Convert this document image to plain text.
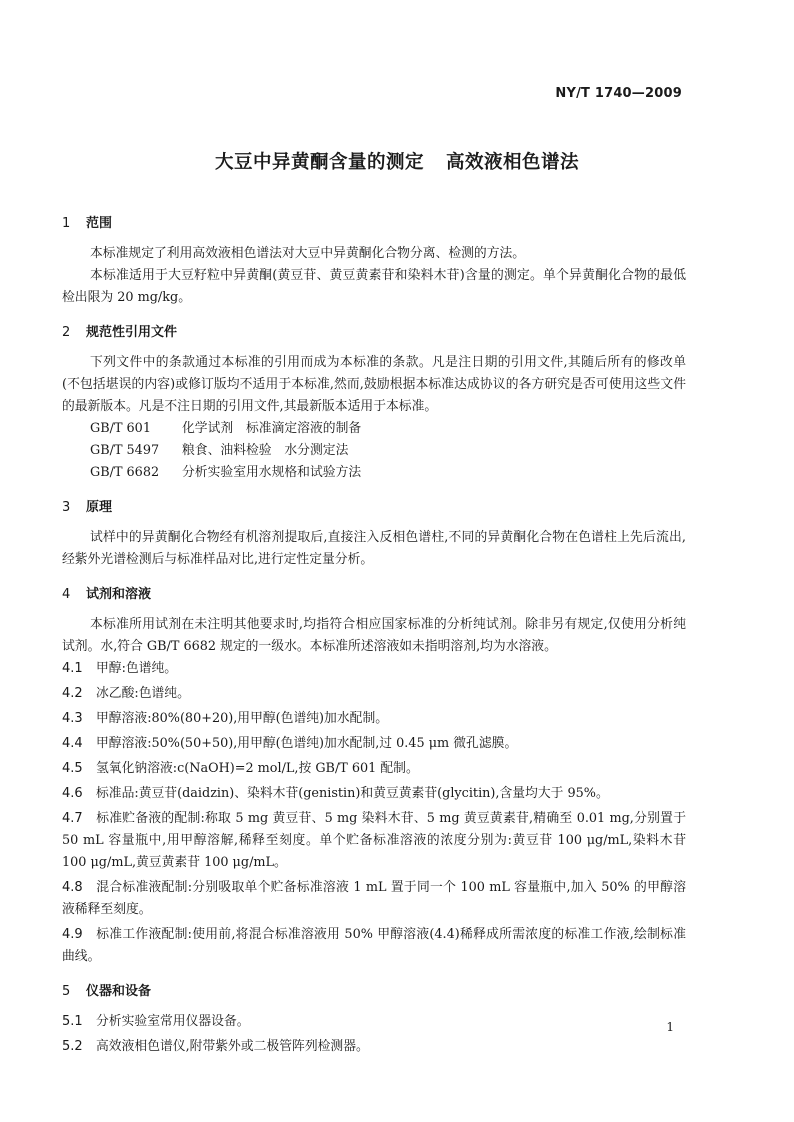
NY/T 1740—2009
大豆中异黄酮含量的测定 高效液相色谱法
1 范围

本标准规定了利用高效液相色谱法对大豆中异黄酮化合物分离、检测的方法。

本标准适用于大豆籽粒中异黄酮(黄豆苷、黄豆黄素苷和染料木苷)含量的测定。单个异黄酮化合物的最低检出限为 20 mg/kg。

2 规范性引用文件

下列文件中的条款通过本标准的引用而成为本标准的条款。凡是注日期的引用文件,其随后所有的修改单(不包括堪误的内容)或修订版均不适用于本标准,然而,鼓励根据本标准达成协议的各方研究是否可使用这些文件的最新版本。凡是不注日期的引用文件,其最新版本适用于本标准。

GB/T 601 化学试剂　标准滴定溶液的制备
GB/T 5497 粮食、油料检验　水分测定法
GB/T 6682 分析实验室用水规格和试验方法
3 原理

试样中的异黄酮化合物经有机溶剂提取后,直接注入反相色谱柱,不同的异黄酮化合物在色谱柱上先后流出,经紫外光谱检测后与标准样品对比,进行定性定量分析。

4 试剂和溶液

本标准所用试剂在未注明其他要求时,均指符合相应国家标准的分析纯试剂。除非另有规定,仅使用分析纯试剂。水,符合 GB/T 6682 规定的一级水。本标准所述溶液如未指明溶剂,均为水溶液。

4.1 甲醇:色谱纯。
4.2 冰乙酸:色谱纯。
4.3 甲醇溶液:80%(80+20),用甲醇(色谱纯)加水配制。
4.4 甲醇溶液:50%(50+50),用甲醇(色谱纯)加水配制,过 0.45 μm 微孔滤膜。
4.5 氢氧化钠溶液:c(NaOH)=2 mol/L,按 GB/T 601 配制。
4.6 标准品:黄豆苷(daidzin)、染料木苷(genistin)和黄豆黄素苷(glycitin),含量均大于 95%。
4.7 标准贮备液的配制:称取 5 mg 黄豆苷、5 mg 染料木苷、5 mg 黄豆黄素苷,精确至 0.01 mg,分别置于 50 mL 容量瓶中,用甲醇溶解,稀释至刻度。单个贮备标准溶液的浓度分别为:黄豆苷 100 μg/mL,染料木苷 100 μg/mL,黄豆黄素苷 100 μg/mL。
4.8 混合标准液配制:分别吸取单个贮备标准溶液 1 mL 置于同一个 100 mL 容量瓶中,加入 50% 的甲醇溶液稀释至刻度。
4.9 标准工作液配制:使用前,将混合标准溶液用 50% 甲醇溶液(4.4)稀释成所需浓度的标准工作液,绘制标准曲线。
5 仪器和设备
5.1 分析实验室常用仪器设备。
5.2 高效液相色谱仪,附带紫外或二极管阵列检测器。
1
